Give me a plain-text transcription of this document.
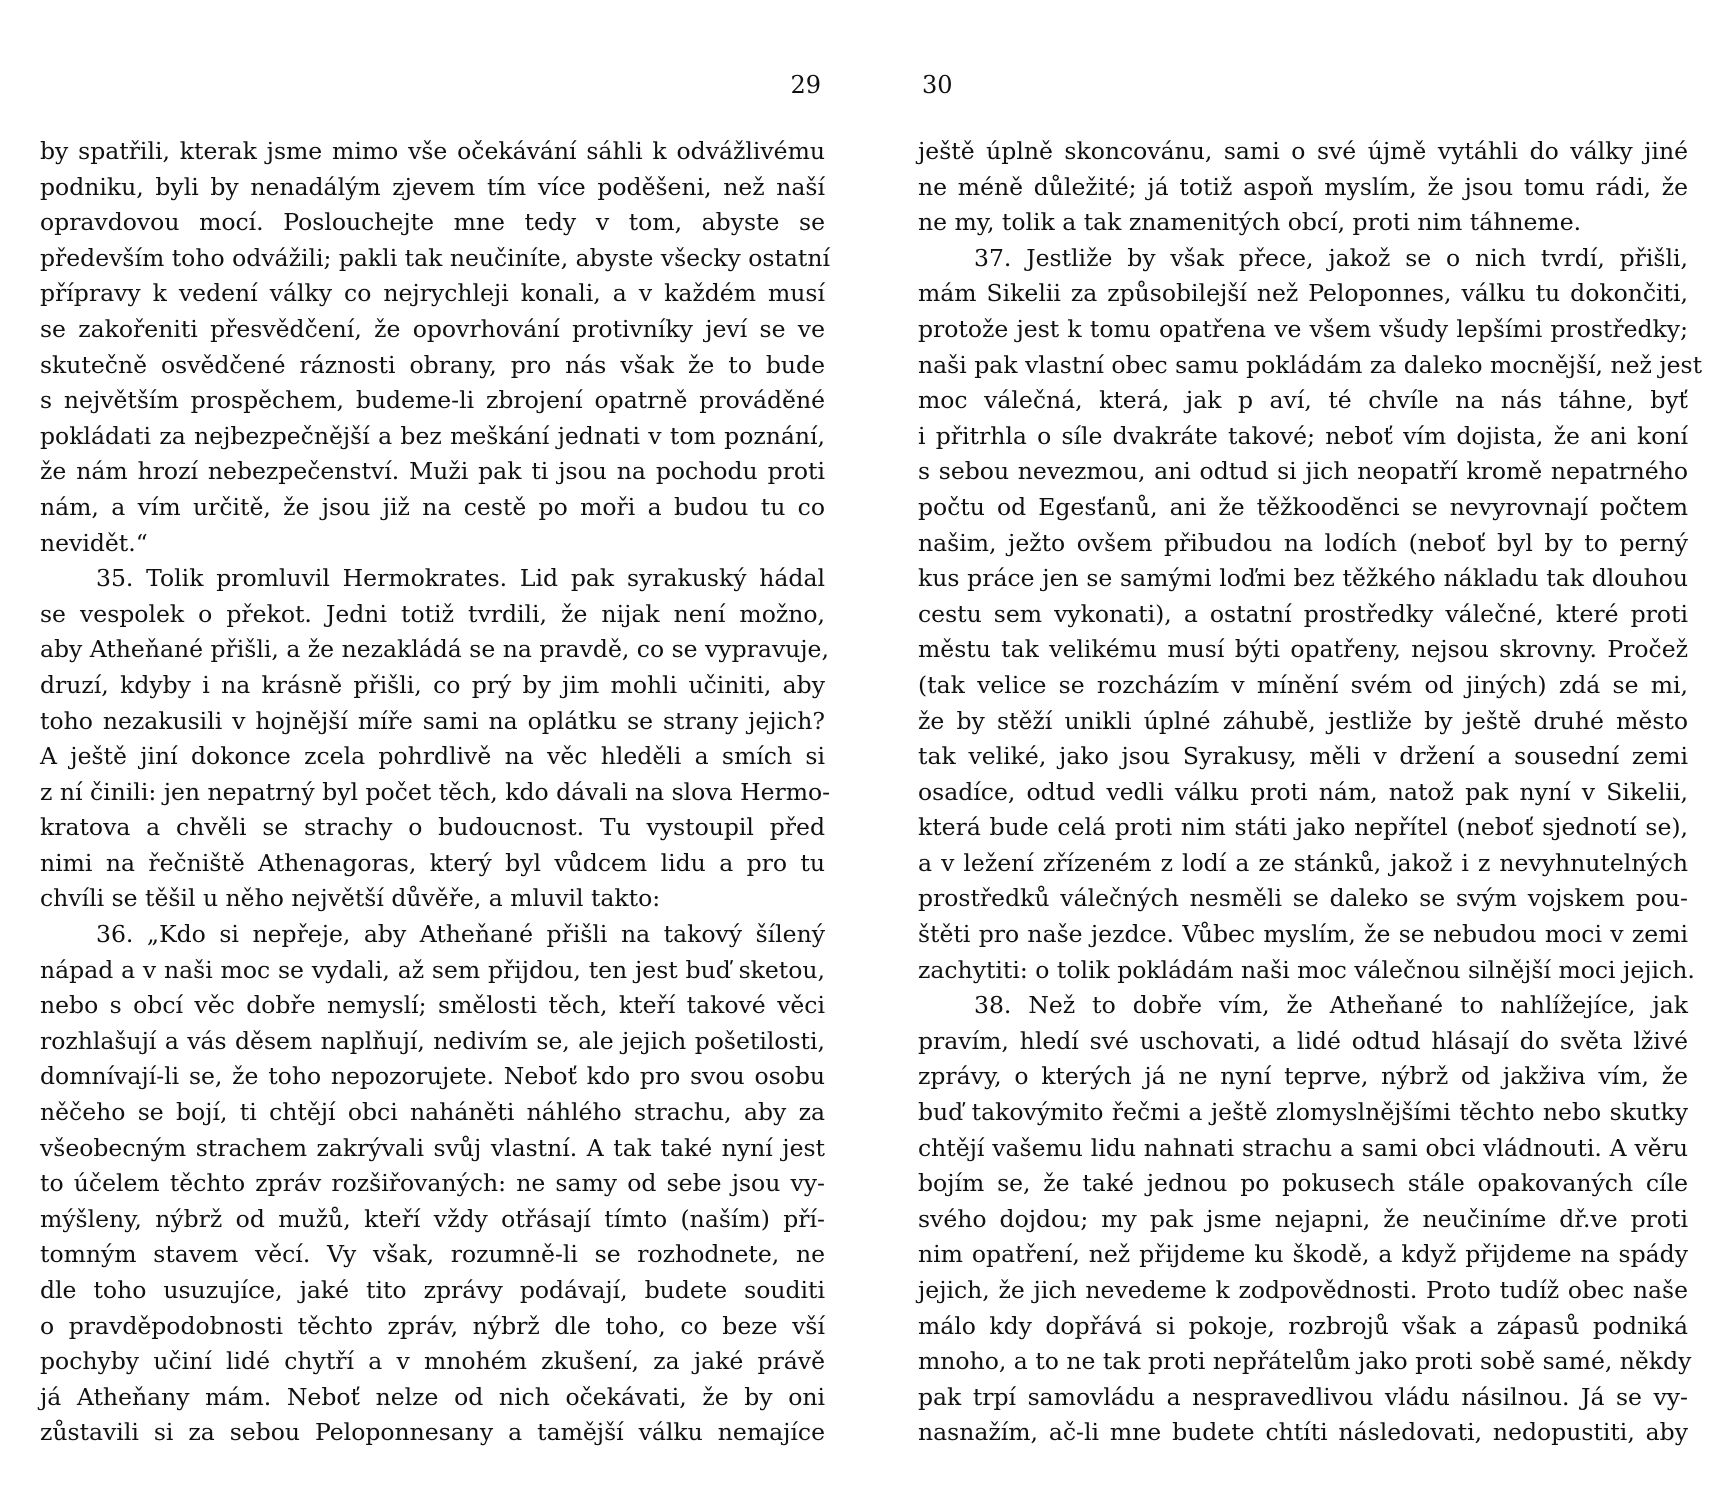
29
by spatřili, kterak jsme mimo vše očekávání sáhli k odvážlivému
podniku, byli by nenadálým zjevem tím více poděšeni, než naší
opravdovou mocí. Poslouchejte mne tedy v tom, abyste se
především toho odvážili; pakli tak neučiníte, abyste všecky ostatní
přípravy k vedení války co nejrychleji konali, a v každém musí
se zakořeniti přesvědčení, že opovrhování protivníky jeví se ve
skutečně osvědčené ráznosti obrany, pro nás však že to bude
s největším prospěchem, budeme-li zbrojení opatrně prováděné
pokládati za nejbezpečnější a bez meškání jednati v tom poznání,
že nám hrozí nebezpečenství. Muži pak ti jsou na pochodu proti
nám, a vím určitě, že jsou již na cestě po moři a budou tu co
nevidět.“
35. Tolik promluvil Hermokrates. Lid pak syrakuský hádal
se vespolek o překot. Jedni totiž tvrdili, že nijak není možno,
aby Atheňané přišli, a že nezakládá se na pravdě, co se vypravuje,
druzí, kdyby i na krásně přišli, co prý by jim mohli učiniti, aby
toho nezakusili v hojnější míře sami na oplátku se strany jejich?
A ještě jiní dokonce zcela pohrdlivě na věc hleděli a smích si
z ní činili: jen nepatrný byl počet těch, kdo dávali na slova Hermo-
kratova a chvěli se strachy o budoucnost. Tu vystoupil před
nimi na řečniště Athenagoras, který byl vůdcem lidu a pro tu
chvíli se těšil u něho největší důvěře, a mluvil takto:
36. „Kdo si nepřeje, aby Atheňané přišli na takový šílený
nápad a v naši moc se vydali, až sem přijdou, ten jest buď sketou,
nebo s obcí věc dobře nemyslí; smělosti těch, kteří takové věci
rozhlašují a vás děsem naplňují, nedivím se, ale jejich pošetilosti,
domnívají-li se, že toho nepozorujete. Neboť kdo pro svou osobu
něčeho se bojí, ti chtějí obci naháněti náhlého strachu, aby za
všeobecným strachem zakrývali svůj vlastní. A tak také nyní jest
to účelem těchto zpráv rozšiřovaných: ne samy od sebe jsou vy-
mýšleny, nýbrž od mužů, kteří vždy otřásají tímto (naším) pří-
tomným stavem věcí. Vy však, rozumně-li se rozhodnete, ne
dle toho usuzujíce, jaké tito zprávy podávají, budete souditi
o pravděpodobnosti těchto zpráv, nýbrž dle toho, co beze vší
pochyby učiní lidé chytří a v mnohém zkušení, za jaké právě
já Atheňany mám. Neboť nelze od nich očekávati, že by oni
zůstavili si za sebou Peloponnesany a tamější válku nemajíce
30
ještě úplně skoncovánu, sami o své újmě vytáhli do války jiné
ne méně důležité; já totiž aspoň myslím, že jsou tomu rádi, že
ne my, tolik a tak znamenitých obcí, proti nim táhneme.
37. Jestliže by však přece, jakož se o nich tvrdí, přišli,
mám Sikelii za způsobilejší než Peloponnes, válku tu dokončiti,
protože jest k tomu opatřena ve všem všudy lepšími prostředky;
naši pak vlastní obec samu pokládám za daleko mocnější, než jest
moc válečná, která, jak p aví, té chvíle na nás táhne, byť
i přitrhla o síle dvakráte takové; neboť vím dojista, že ani koní
s sebou nevezmou, ani odtud si jich neopatří kromě nepatrného
počtu od Egesťanů, ani že těžkoodĕnci se nevyrovnají počtem
našim, ježto ovšem přibudou na lodích (neboť byl by to perný
kus práce jen se samými loďmi bez těžkého nákladu tak dlouhou
cestu sem vykonati), a ostatní prostředky válečné, které proti
městu tak velikému musí býti opatřeny, nejsou skrovny. Pročež
(tak velice se rozcházím v mínění svém od jiných) zdá se mi,
že by stěží unikli úplné záhubě, jestliže by ještě druhé město
tak veliké, jako jsou Syrakusy, měli v držení a sousední zemi
osadíce, odtud vedli válku proti nám, natož pak nyní v Sikelii,
která bude celá proti nim státi jako nepřítel (neboť sjednotí se),
a v ležení zřízeném z lodí a ze stánků, jakož i z nevyhnutelných
prostředků válečných nesměli se daleko se svým vojskem pou-
štěti pro naše jezdce. Vůbec myslím, že se nebudou moci v zemi
zachytiti: o tolik pokládám naši moc válečnou silnější moci jejich.
38. Než to dobře vím, že Atheňané to nahlížejíce, jak
pravím, hledí své uschovati, a lidé odtud hlásají do světa lživé
zprávy, o kterých já ne nyní teprve, nýbrž od jakživa vím, že
buď takovýmito řečmi a ještě zlomyslnějšími těchto nebo skutky
chtějí vašemu lidu nahnati strachu a sami obci vládnouti. A věru
bojím se, že také jednou po pokusech stále opakovaných cíle
svého dojdou; my pak jsme nejapni, že neučiníme dř.ve proti
nim opatření, než přijdeme ku škodě, a když přijdeme na spády
jejich, že jich nevedeme k zodpovědnosti. Proto tudíž obec naše
málo kdy dopřává si pokoje, rozbrojů však a zápasů podniká
mnoho, a to ne tak proti nepřátelům jako proti sobě samé, někdy
pak trpí samovládu a nespravedlivou vládu násilnou. Já se vy-
nasnažím, ač-li mne budete chtíti následovati, nedopustiti, aby
